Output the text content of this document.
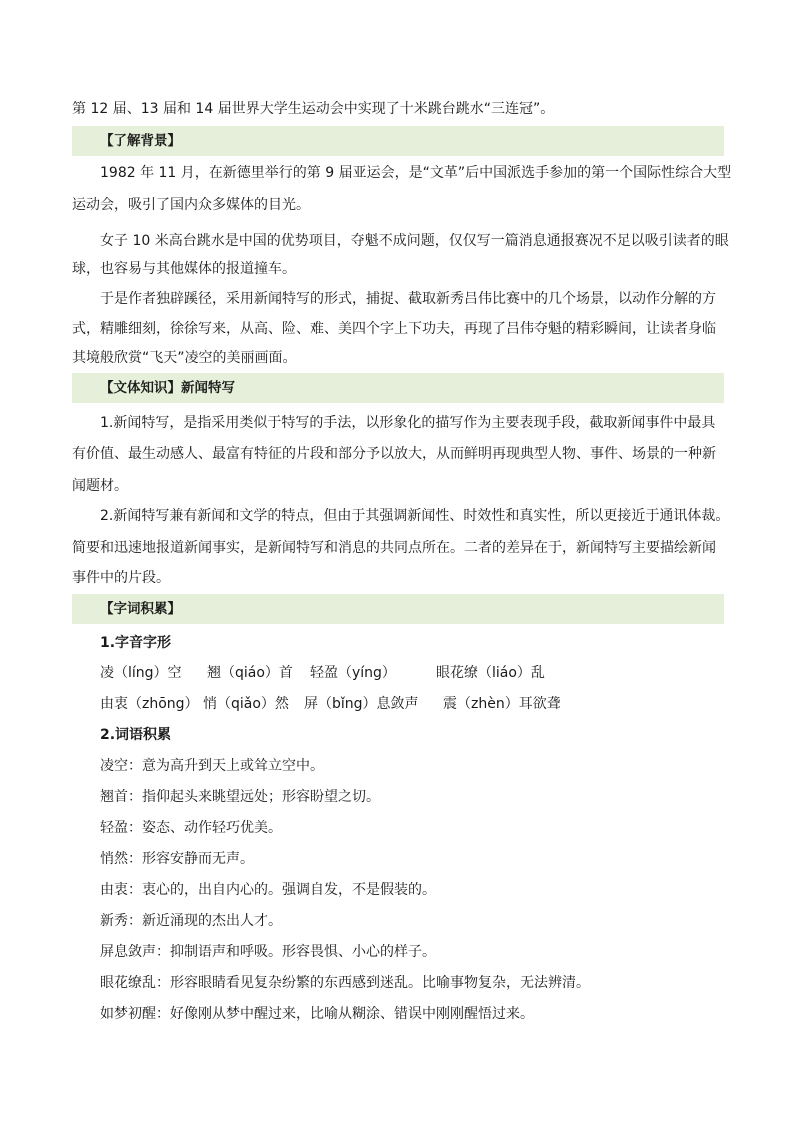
第 12 届、13 届和 14 届世界大学生运动会中实现了十米跳台跳水“三连冠”。
【了解背景】
1982 年 11 月，在新德里举行的第 9 届亚运会，是“文革”后中国派选手参加的第一个国际性综合大型
运动会，吸引了国内众多媒体的目光。
女子 10 米高台跳水是中国的优势项目，夺魁不成问题，仅仅写一篇消息通报赛况不足以吸引读者的眼
球，也容易与其他媒体的报道撞车。
于是作者独辟蹊径，采用新闻特写的形式，捕捉、截取新秀吕伟比赛中的几个场景，以动作分解的方
式，精雕细刻，徐徐写来，从高、险、难、美四个字上下功夫，再现了吕伟夺魁的精彩瞬间，让读者身临
其境般欣赏“飞天”凌空的美丽画面。
【文体知识】新闻特写
1.新闻特写，是指采用类似于特写的手法，以形象化的描写作为主要表现手段，截取新闻事件中最具
有价值、最生动感人、最富有特征的片段和部分予以放大，从而鲜明再现典型人物、事件、场景的一种新
闻题材。
2.新闻特写兼有新闻和文学的特点，但由于其强调新闻性、时效性和真实性，所以更接近于通讯体裁。
简要和迅速地报道新闻事实，是新闻特写和消息的共同点所在。二者的差异在于，新闻特写主要描绘新闻
事件中的片段。
【字词积累】
1.字音字形
凌（líng）空 翘（qiáo）首 轻盈（yíng）	眼花缭（liáo）乱
由衷（zhōng） 悄（qiǎo）然 屏（bǐng）息敛声 震（zhèn）耳欲聋
2.词语积累
凌空：意为高升到天上或耸立空中。
翘首：指仰起头来眺望远处；形容盼望之切。
轻盈：姿态、动作轻巧优美。
悄然：形容安静而无声。
由衷：衷心的，出自内心的。强调自发，不是假装的。
新秀：新近涌现的杰出人才。
屏息敛声：抑制语声和呼吸。形容畏惧、小心的样子。
眼花缭乱：形容眼睛看见复杂纷繁的东西感到迷乱。比喻事物复杂，无法辨清。
如梦初醒：好像刚从梦中醒过来，比喻从糊涂、错误中刚刚醒悟过来。
